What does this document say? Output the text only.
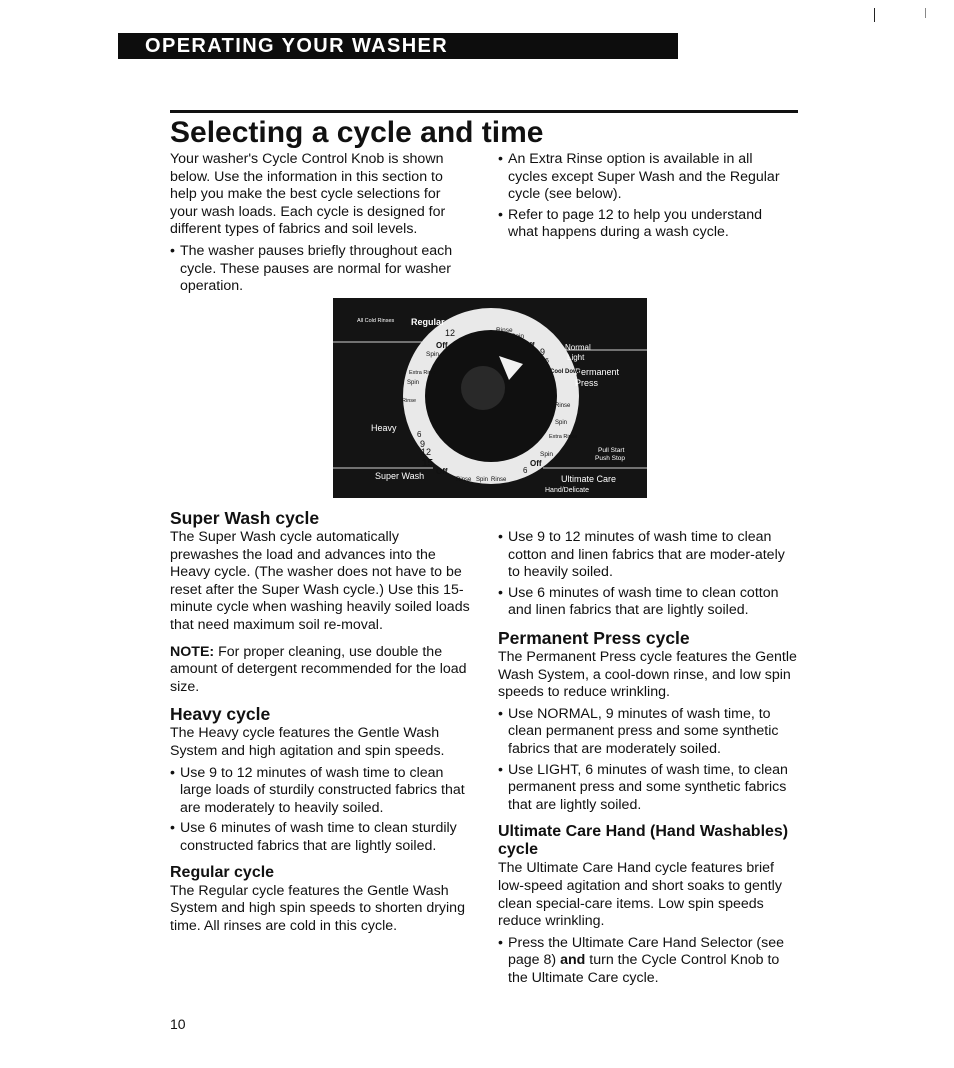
OPERATING YOUR WASHER
Selecting a cycle and time

Your washer's Cycle Control Knob is shown below. Use the information in this section to help you make the best cycle selections for your wash loads. Each cycle is designed for different types of fabrics and soil levels.

• The washer pauses briefly throughout each cycle. These pauses are normal for washer operation.
• An Extra Rinse option is available in all cycles except Super Wash and the Regular cycle (see below).
• Refer to page 12 to help you understand what happens during a wash cycle.
All Cold Rinses Regular
Normal
Light
Permanent
Press
Heavy
Super Wash	Ultimate Care
Hand/Delicate
Pull Start
Push Stop
Off
Spin
12	Rinse
Spin
Off
9
6
Cool Down
Rinse
Spin
Extra Rinse
Spin
Off
6
Rinse Spin Rinse
Off
15
12
9
6
Rinse
Spin
Extra Rinse
Super Wash cycle

The Super Wash cycle automatically prewashes the load and advances into the Heavy cycle. (The washer does not have to be reset after the Super Wash cycle.) Use this 15-minute cycle when washing heavily soiled loads that need maximum soil re-moval.

NOTE: For proper cleaning, use double the amount of detergent recommended for the load size.

Heavy cycle

The Heavy cycle features the Gentle Wash System and high agitation and spin speeds.

• Use 9 to 12 minutes of wash time to clean large loads of sturdily constructed fabrics that are moderately to heavily soiled.
• Use 6 minutes of wash time to clean sturdily constructed fabrics that are lightly soiled.
Regular cycle

The Regular cycle features the Gentle Wash System and high spin speeds to shorten drying time. All rinses are cold in this cycle.

• Use 9 to 12 minutes of wash time to clean cotton and linen fabrics that are moder-ately to heavily soiled.
• Use 6 minutes of wash time to clean cotton and linen fabrics that are lightly soiled.
Permanent Press cycle

The Permanent Press cycle features the Gentle Wash System, a cool-down rinse, and low spin speeds to reduce wrinkling.

• Use NORMAL, 9 minutes of wash time, to clean permanent press and some synthetic fabrics that are moderately soiled.
• Use LIGHT, 6 minutes of wash time, to clean permanent press and some synthetic fabrics that are lightly soiled.
Ultimate Care Hand (Hand Washables) cycle

The Ultimate Care Hand cycle features brief low-speed agitation and short soaks to gently clean special-care items. Low spin speeds reduce wrinkling.

• Press the Ultimate Care Hand Selector (see page 8) and turn the Cycle Control Knob to the Ultimate Care cycle.
10
